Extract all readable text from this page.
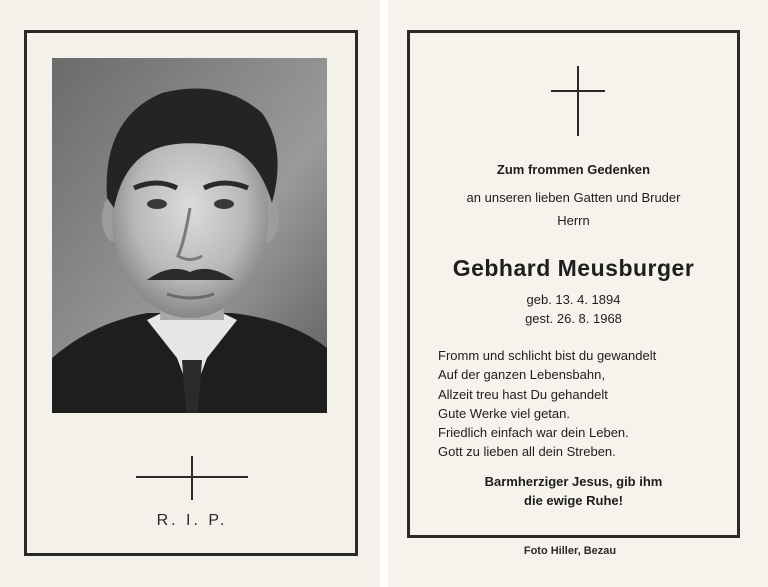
R. I. P.
Zum frommen Gedenken
an unseren lieben Gatten und Bruder
Herrn
Gebhard Meusburger
geb. 13. 4. 1894
gest. 26. 8. 1968
Fromm und schlicht bist du gewandelt
Auf der ganzen Lebensbahn,
Allzeit treu hast Du gehandelt
Gute Werke viel getan.
Friedlich einfach war dein Leben.
Gott zu lieben all dein Streben.
Barmherziger Jesus, gib ihm
die ewige Ruhe!
Foto Hiller, Bezau
